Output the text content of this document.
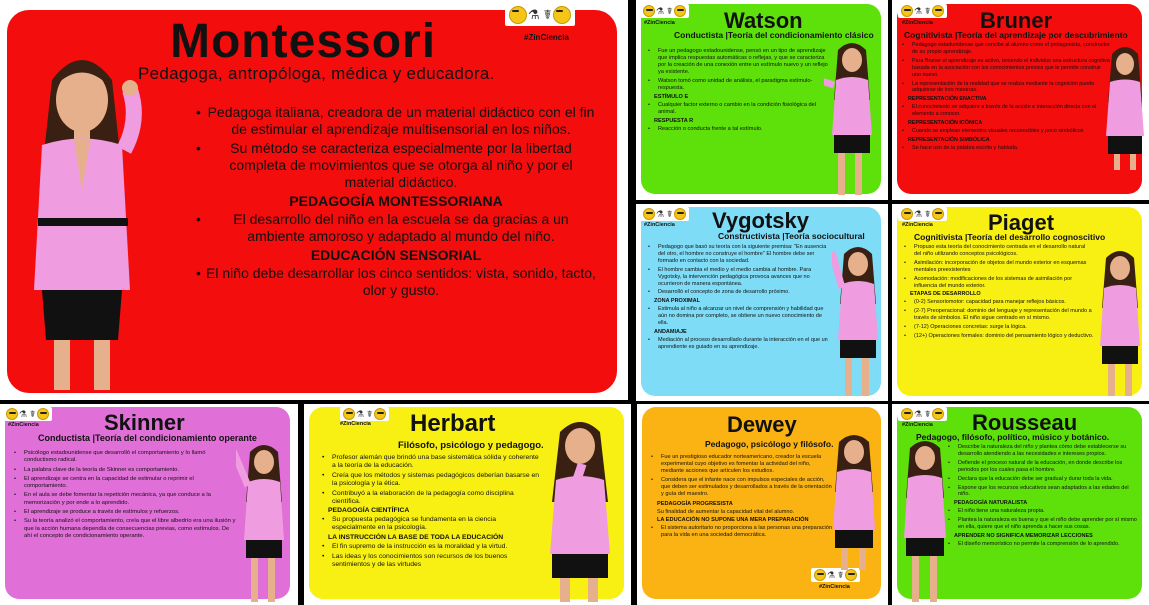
⚗ ☤
#ZinCiencia
Montessori
Pedagoga, antropóloga, médica y educadora.
• Pedagoga italiana, creadora de un material didáctico con el fin de estimular el aprendizaje multisensorial en los niños.
• Su método se caracteriza especialmente por la libertad completa de movimientos que se otorga al niño y por el material didáctico.
PEDAGOGÍA MONTESSORIANA
• El desarrollo del niño en la escuela se da gracias a un ambiente amoroso y adaptado al mundo del niño.
EDUCACIÓN SENSORIAL
• El niño debe desarrollar los cinco sentidos: vista, sonido, tacto, olor y gusto.
⚗ ☤
#ZinCiencia Watson
Conductista |Teoría del condicionamiento clásico
• Fue un pedagogo estadounidense, pensó en un tipo de aprendizaje que implica respuestas automáticas o reflejas, y que se caracteriza por la creación de una conexión entre un estímulo nuevo y un reflejo ya existente.
• Watson tomó como unidad de análisis, el paradigma estímulo-respuesta.
ESTÍMULO E
• Cualquier factor externo o cambio en la condición fisiológica del animal.
RESPUESTA R
• Reacción o conducta frente a tal estímulo.
⚗ ☤
#ZinCiencia Bruner
Cognitivista |Teoría del aprendizaje por descubrimiento
• Pedagogo estadunidense que concibe al alumno como el protagonista, constructor de su propio aprendizaje.
• Para Bruner el aprendizaje es activo, teniendo el individuo una estructura cognitiva basada en la asociación con los conocimientos previos que le permite construir uno nuevo.
• La representación de la realidad que se realiza mediante la cognición puede adquirirse de tres maneras.
REPRESENTACIÓN ENACTIVA
• El conocimiento se adquiere a través de la acción e interacción directa con el elemento a conocer.
REPRESENTACIÓN ICÓNICA
• Cuando se emplean elementos visuales reconocibles y poco simbólicos
REPRESENTACIÓN SIMBÓLICA
• Se hace uso de la palabra escrita y hablada.
⚗ ☤
#ZinCiencia Vygotsky
Constructivista |Teoría sociocultural
• Pedagogo que basó su teoría con la siguiente premisa: "En ausencia del otro, el hombre no construye el hombre" El hombre debe ser formado en contacto con la sociedad.
• El hombre cambia el medio y el medio cambia al hombre. Para Vygotsky, la intervención pedagógica provoca avances que no ocurrieron de manera espontánea.
• Desarrolló el concepto de zona de desarrollo próximo.
ZONA PROXIMAL
• Estimula al niño a alcanzar un nivel de comprensión y habilidad que aún no domina por completo, se obtiene un nuevo conocimiento de ella.
ANDAMIAJE
• Mediación al proceso desarrollado durante la interacción en el que un aprendiente es guiado en su aprendizaje.
⚗ ☤
#ZinCiencia	Piaget
Cognitivista |Teoría del desarrollo cognoscitivo
• Propuso esta teoría del conocimiento centrada en el desarrollo natural del niño utilizando conceptos psicológicos.
• Asimilación: incorporación de objetos del mundo exterior en esquemas mentales preexistentes
• Acomodación: modificaciones de los sistemas de asimilación por influencia del mundo exterior.
ETAPAS DE DESARROLLO
• (0-2) Sensoriomotor: capacidad para manejar reflejos básicos.
• (2-7) Preoperacional: dominio del lenguaje y representación del mundo a través de símbolos. El niño sigue centrado en sí mismo.
• (7-12) Operaciones concretas: surge la lógica.
• (12+) Operaciones formales: dominio del pensamiento lógico y deductivo.
⚗ ☤
#ZinCiencia	Skinner
Conductista |Teoría del condicionamiento operante
• Psicólogo estadounidense que desarrolló el comportamiento y lo llamó conductismo radical.
• La palabra clave de la teoría de Skinner es comportamiento.
• El aprendizaje se centra en la capacidad de estimular o reprimir el comportamiento.
• En el aula se debe fomentar la repetición mecánica, ya que conduce a la memorización y por ende a lo aprendido.
• El aprendizaje se produce a través de estímulos y refuerzos.
• Su la teoría analizó el comportamiento, creía que el libre albedrío era una ilusión y que la acción humana dependía de consecuencias previas, como estímulos. De ahí el concepto de condicionamiento operante.
⚗ ☤
#ZinCiencia Herbart
Filósofo, psicólogo y pedagogo.
• Profesor alemán que brindó una base sistemática sólida y coherente a la teoría de la educación.
• Creía que los métodos y sistemas pedagógicos deberían basarse en la psicología y la ética.
• Contribuyó a la elaboración de la pedagogía como disciplina científica.
PEDAGOGÍA CIENTÍFICA
• Su propuesta pedagógica se fundamenta en la ciencia especialmente en la psicología.
LA INSTRUCCIÓN LA BASE DE TODA LA EDUCACIÓN
• El fin supremo de la instrucción es la moralidad y la virtud.
• Las ideas y los conocimientos son recursos de los buenos sentimientos y de las virtudes
⚗ ☤
#ZinCiencia
Dewey
Pedagogo, psicólogo y filósofo.
• Fue un prestigioso educador norteamericano, creador la escuela experimental cuyo objetivo es fomentar la actividad del niño, mediante acciones que articulen los estudios.
• Considera que el infante nace con impulsos especiales de acción, que deben ser estimulados y desarrollados a través de la orientación y guía del maestro.
PEDAGOGÍA PROGRESISTA
Su finalidad de aumentar la capacidad vital del alumno.
LA EDUCACIÓN NO SUPONE UNA MERA PREPARACIÓN
• El sistema autoritario no proporciona a las personas una preparación para la vida en una sociedad democrática.
⚗ ☤
#ZinCiencia Rousseau
Pedagogo, filósofo, político, músico y botánico.
• Describe la naturaleza del niño y plantea cómo debe establecerse su desarrollo atendiendo a las necesidades e intereses propios.
• Defiende el proceso natural de la educación, en donde describe los periodos por los cuales pasa el hombre.
• Declara que la educación debe ser gradual y durar toda la vida.
• Expone que los recursos educativos sean adaptados a las edades del niño.
PEDAGOGÍA NATURALISTA
• El niño tiene una naturaleza propia.
• Plantea la naturaleza es buena y que el niño debe aprender por sí mismo en ella, quiere que el niño aprenda a hacer sus cosas.
APRENDER NO SIGNIFICA MEMORIZAR LECCIONES
• El diseño memorístico no permite la comprensión de lo aprendido.
